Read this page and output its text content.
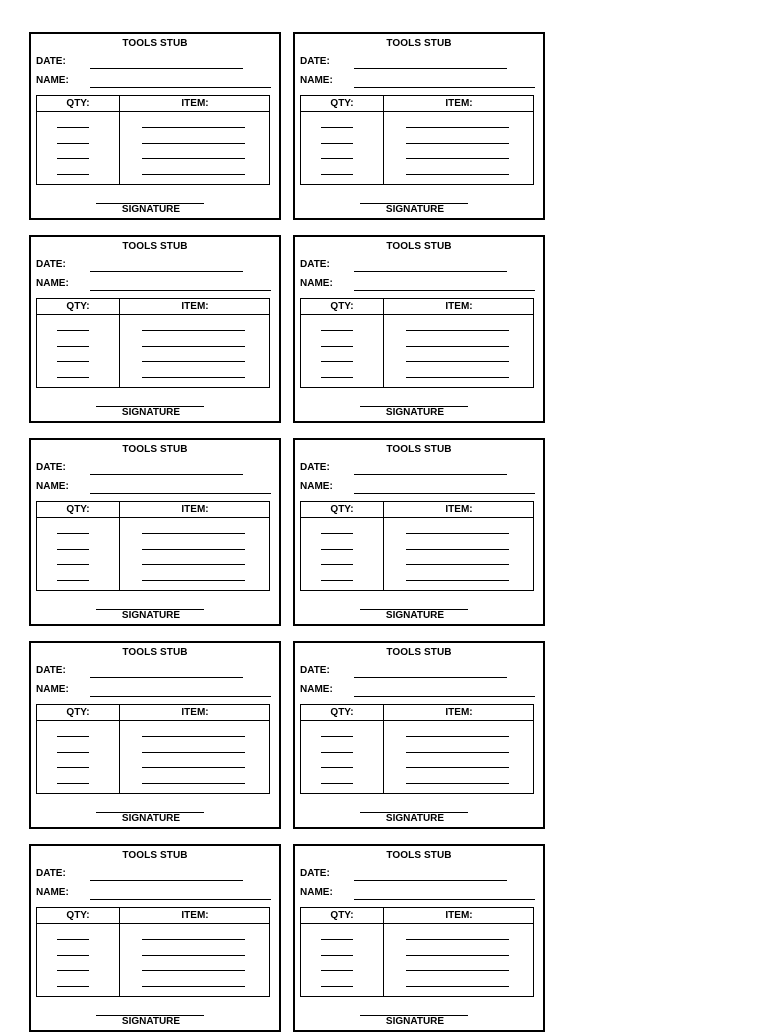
TOOLS STUB
DATE:
NAME:
QTY:	ITEM:
SIGNATURE
TOOLS STUB
DATE:
NAME:
QTY:	ITEM:
SIGNATURE
TOOLS STUB
DATE:
NAME:
QTY:	ITEM:
SIGNATURE
TOOLS STUB
DATE:
NAME:
QTY:	ITEM:
SIGNATURE
TOOLS STUB
DATE:
NAME:
QTY:	ITEM:
SIGNATURE
TOOLS STUB
DATE:
NAME:
QTY:	ITEM:
SIGNATURE
TOOLS STUB
DATE:
NAME:
QTY:	ITEM:
SIGNATURE
TOOLS STUB
DATE:
NAME:
QTY:	ITEM:
SIGNATURE
TOOLS STUB
DATE:
NAME:
QTY:	ITEM:
SIGNATURE
TOOLS STUB
DATE:
NAME:
QTY:	ITEM:
SIGNATURE
